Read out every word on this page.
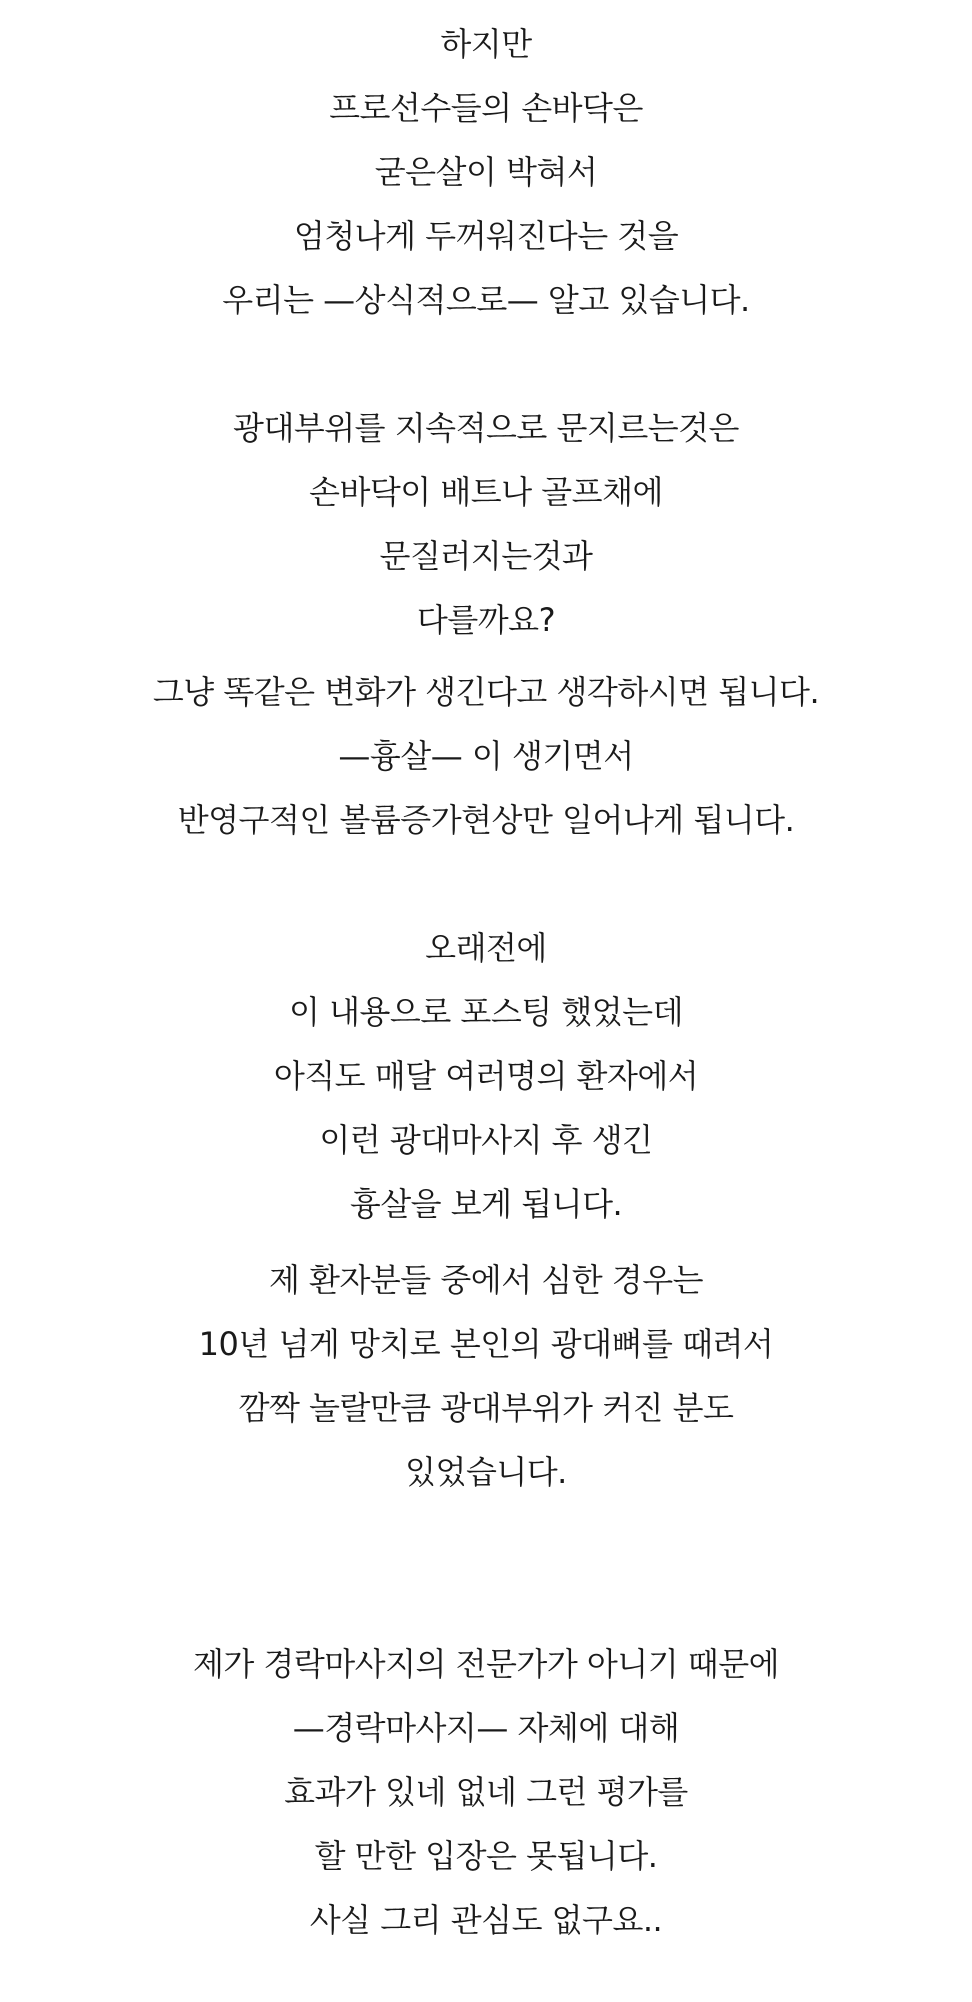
하지만
프로선수들의 손바닥은
굳은살이 박혀서
엄청나게 두꺼워진다는 것을
우리는 —상식적으로— 알고 있습니다.
광대부위를 지속적으로 문지르는것은
손바닥이 배트나 골프채에
문질러지는것과
다를까요?
그냥 똑같은 변화가 생긴다고 생각하시면 됩니다.
—흉살— 이 생기면서
반영구적인 볼륨증가현상만 일어나게 됩니다.
오래전에
이 내용으로 포스팅 했었는데
아직도 매달 여러명의 환자에서
이런 광대마사지 후 생긴
흉살을 보게 됩니다.
제 환자분들 중에서 심한 경우는
10년 넘게 망치로 본인의 광대뼈를 때려서
깜짝 놀랄만큼 광대부위가 커진 분도
있었습니다.
제가 경락마사지의 전문가가 아니기 때문에
—경락마사지— 자체에 대해
효과가 있네 없네 그런 평가를
할 만한 입장은 못됩니다.
사실 그리 관심도 없구요..
